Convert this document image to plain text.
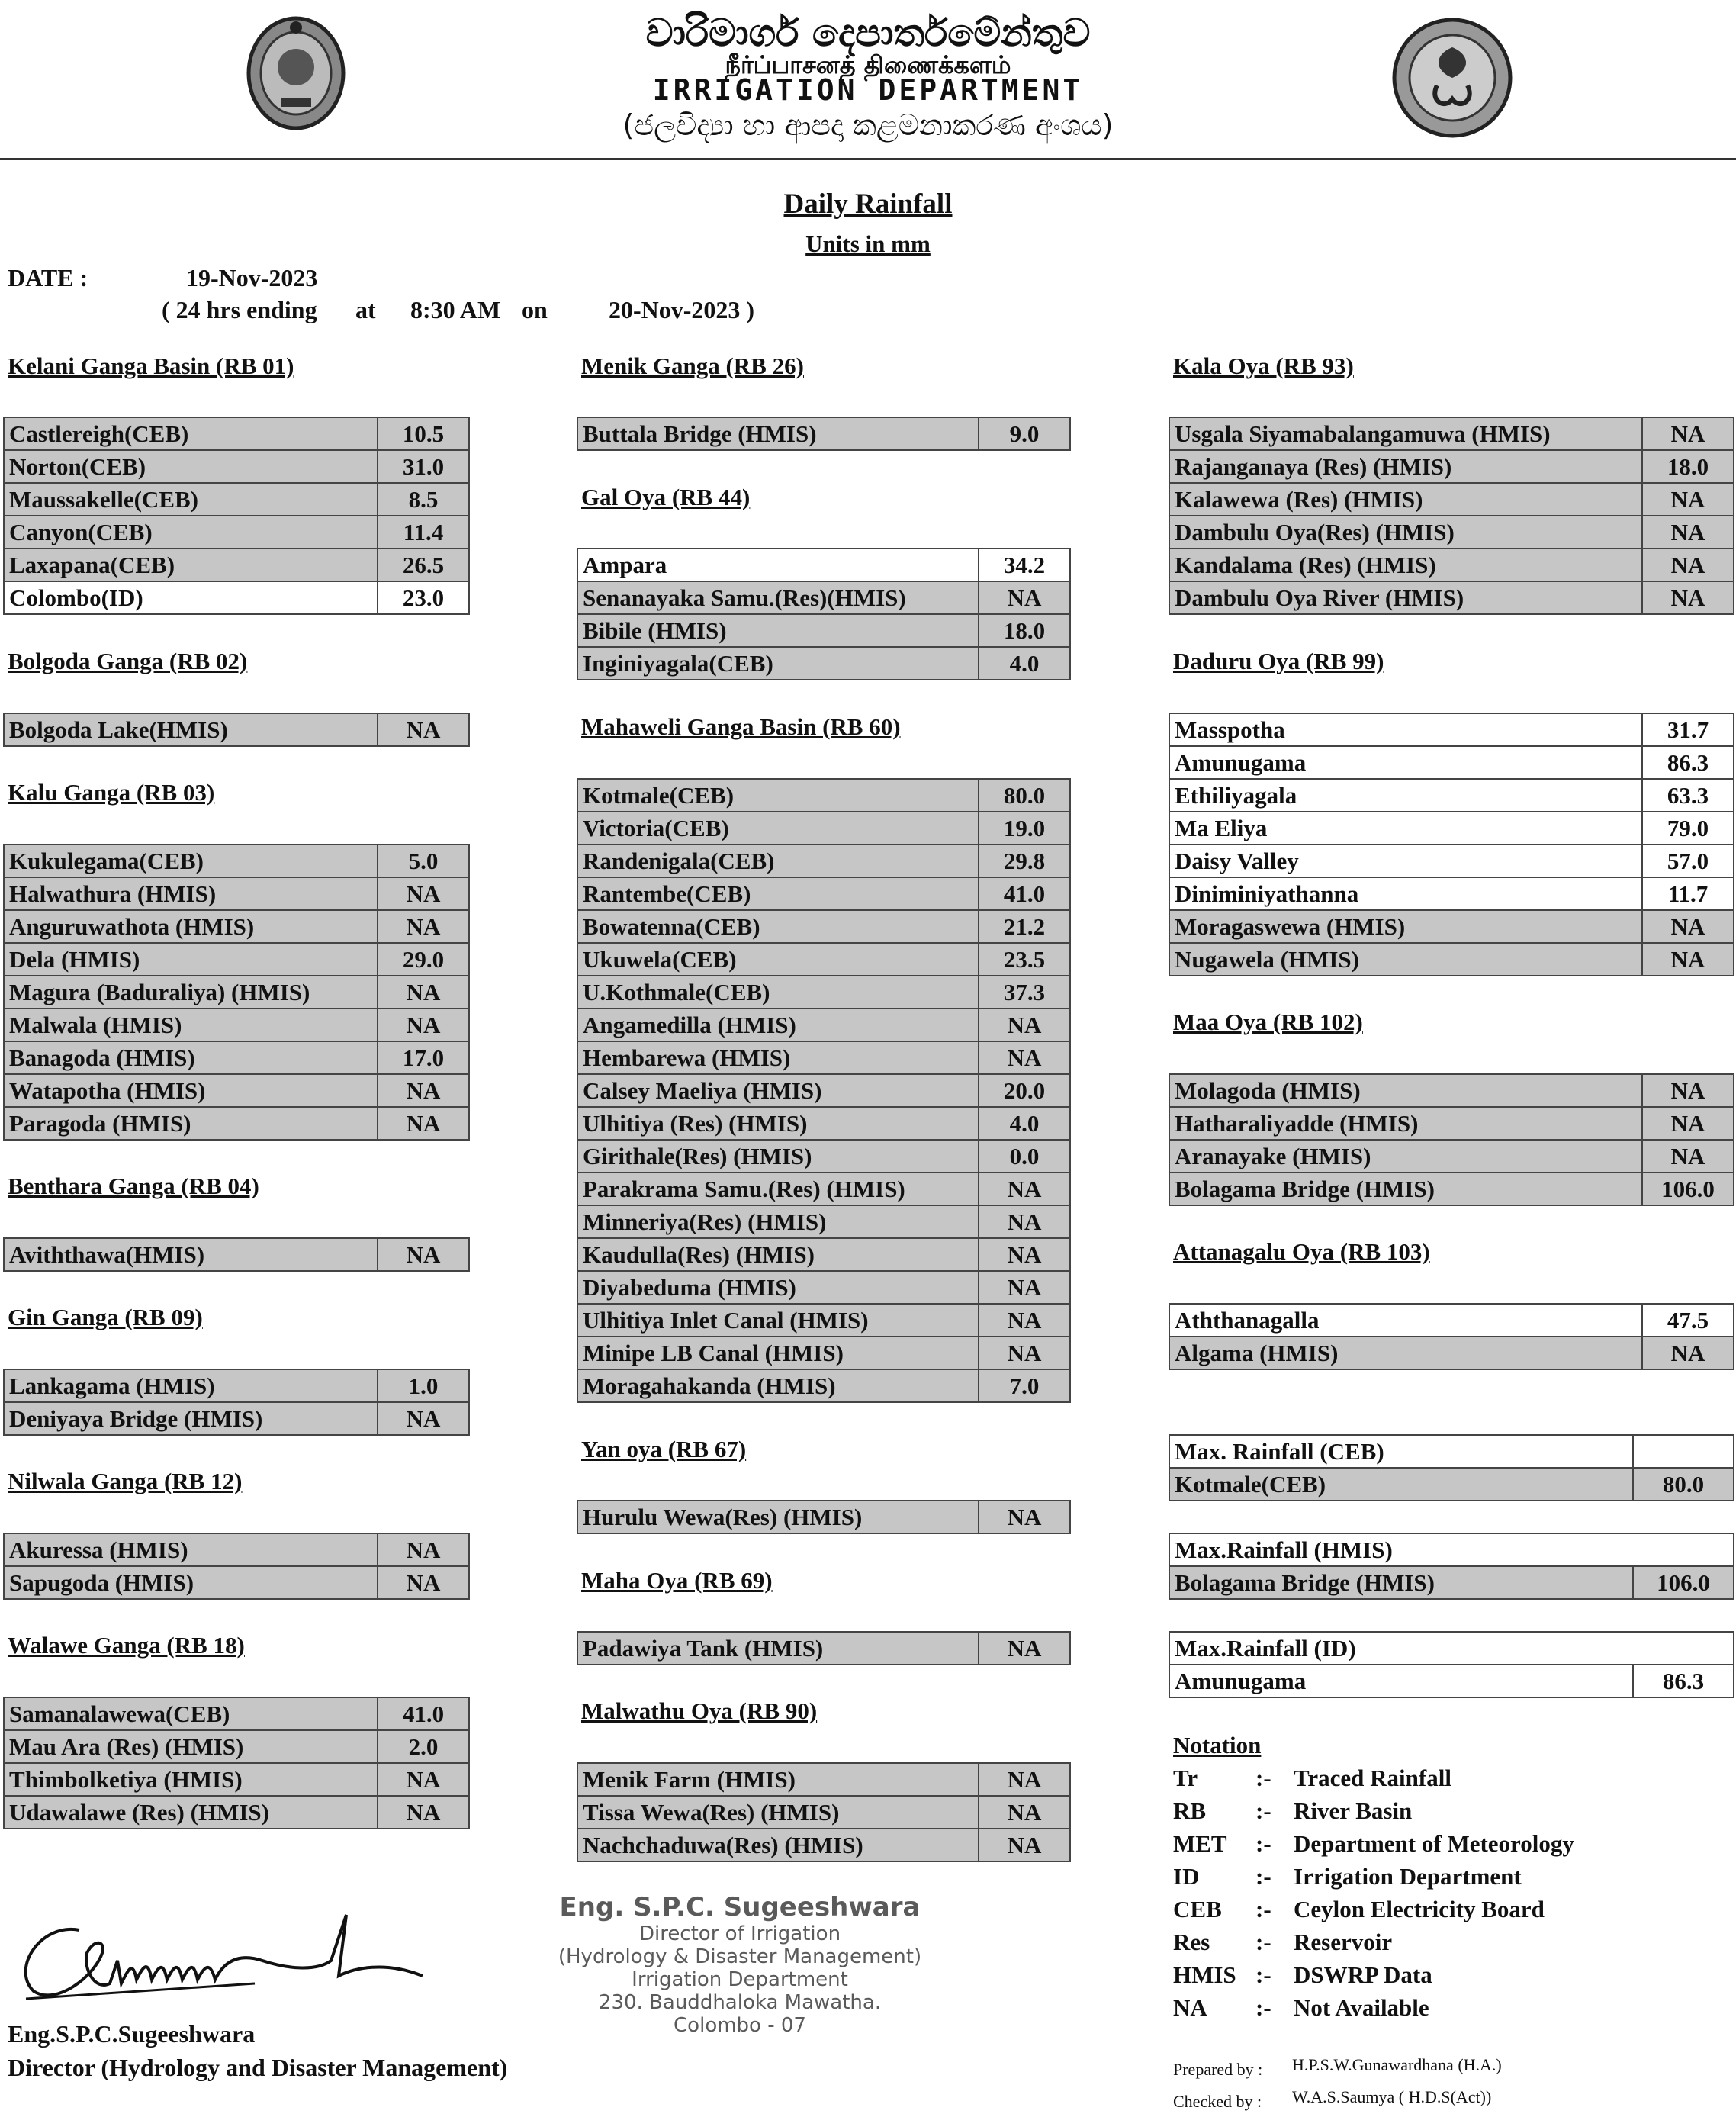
වාරිමාර්ග දෙපාර්තමේන්තුව
நீர்ப்பாசனத் திணைக்களம்
IRRIGATION DEPARTMENT
(ජලවිද්‍යා හා ආපදා කළමනාකරණ අංශය)
Daily Rainfall
Units in mm
DATE :	19-Nov-2023
( 24 hrs ending at 8:30 AM on	20-Nov-2023 )
Kelani Ganga Basin (RB 01)
Castlereigh(CEB)	10.5
Norton(CEB)	31.0
Maussakelle(CEB)	8.5
Canyon(CEB)	11.4
Laxapana(CEB)	26.5
Colombo(ID)	23.0
Bolgoda Ganga (RB 02)
Bolgoda Lake(HMIS)	NA
Kalu Ganga (RB 03)
Kukulegama(CEB)	5.0
Halwathura (HMIS)	NA
Anguruwathota (HMIS)	NA
Dela (HMIS)	29.0
Magura (Baduraliya) (HMIS)	NA
Malwala (HMIS)	NA
Banagoda (HMIS)	17.0
Watapotha (HMIS)	NA
Paragoda (HMIS)	NA
Benthara Ganga (RB 04)
Aviththawa(HMIS)	NA
Gin Ganga (RB 09)
Lankagama (HMIS)	1.0
Deniyaya Bridge (HMIS)	NA
Nilwala Ganga (RB 12)
Akuressa (HMIS)	NA
Sapugoda (HMIS)	NA
Walawe Ganga (RB 18)
Samanalawewa(CEB)	41.0
Mau Ara (Res) (HMIS)	2.0
Thimbolketiya (HMIS)	NA
Udawalawe (Res) (HMIS)	NA
Menik Ganga (RB 26)
Buttala Bridge (HMIS)	9.0
Gal Oya (RB 44)
Ampara	34.2
Senanayaka Samu.(Res)(HMIS)	NA
Bibile (HMIS)	18.0
Inginiyagala(CEB)	4.0
Mahaweli Ganga Basin (RB 60)
Kotmale(CEB)	80.0
Victoria(CEB)	19.0
Randenigala(CEB)	29.8
Rantembe(CEB)	41.0
Bowatenna(CEB)	21.2
Ukuwela(CEB)	23.5
U.Kothmale(CEB)	37.3
Angamedilla (HMIS)	NA
Hembarewa (HMIS)	NA
Calsey Maeliya (HMIS)	20.0
Ulhitiya (Res) (HMIS)	4.0
Girithale(Res) (HMIS)	0.0
Parakrama Samu.(Res) (HMIS)	NA
Minneriya(Res) (HMIS)	NA
Kaudulla(Res) (HMIS)	NA
Diyabeduma (HMIS)	NA
Ulhitiya Inlet Canal (HMIS)	NA
Minipe LB Canal (HMIS)	NA
Moragahakanda (HMIS)	7.0
Yan oya (RB 67)
Hurulu Wewa(Res) (HMIS)	NA
Maha Oya (RB 69)
Padawiya Tank (HMIS)	NA
Malwathu Oya (RB 90)
Menik Farm (HMIS)	NA
Tissa Wewa(Res) (HMIS)	NA
Nachchaduwa(Res) (HMIS)	NA
Kala Oya (RB 93)
Usgala Siyamabalangamuwa (HMIS)	NA
Rajanganaya (Res) (HMIS)	18.0
Kalawewa (Res) (HMIS)	NA
Dambulu Oya(Res) (HMIS)	NA
Kandalama (Res) (HMIS)	NA
Dambulu Oya River (HMIS)	NA
Daduru Oya (RB 99)
Masspotha	31.7
Amunugama	86.3
Ethiliyagala	63.3
Ma Eliya	79.0
Daisy Valley	57.0
Diniminiyathanna	11.7
Moragaswewa (HMIS)	NA
Nugawela (HMIS)	NA
Maa Oya (RB 102)
Molagoda (HMIS)	NA
Hatharaliyadde (HMIS)	NA
Aranayake (HMIS)	NA
Bolagama Bridge (HMIS)	106.0
Attanagalu Oya (RB 103)
Aththanagalla	47.5
Algama (HMIS)	NA
Max. Rainfall (CEB)	
Kotmale(CEB)	80.0
Max.Rainfall (HMIS)
Bolagama Bridge (HMIS)	106.0
Max.Rainfall (ID)
Amunugama	86.3
Notation
Tr :- Traced Rainfall
RB :- River Basin
MET :- Department of Meteorology
ID :- Irrigation Department
CEB :- Ceylon Electricity Board
Res :- Reservoir
HMIS :- DSWRP Data
NA :- Not Available
Eng. S.P.C. Sugeeshwara
Director of Irrigation
(Hydrology & Disaster Management)
Irrigation Department
230. Bauddhaloka Mawatha.
Colombo - 07
Eng.S.P.C.Sugeeshwara
Director (Hydrology and Disaster Management)	Prepared by : H.P.S.W.Gunawardhana (H.A.)
Checked by : W.A.S.Saumya ( H.D.S(Act))
